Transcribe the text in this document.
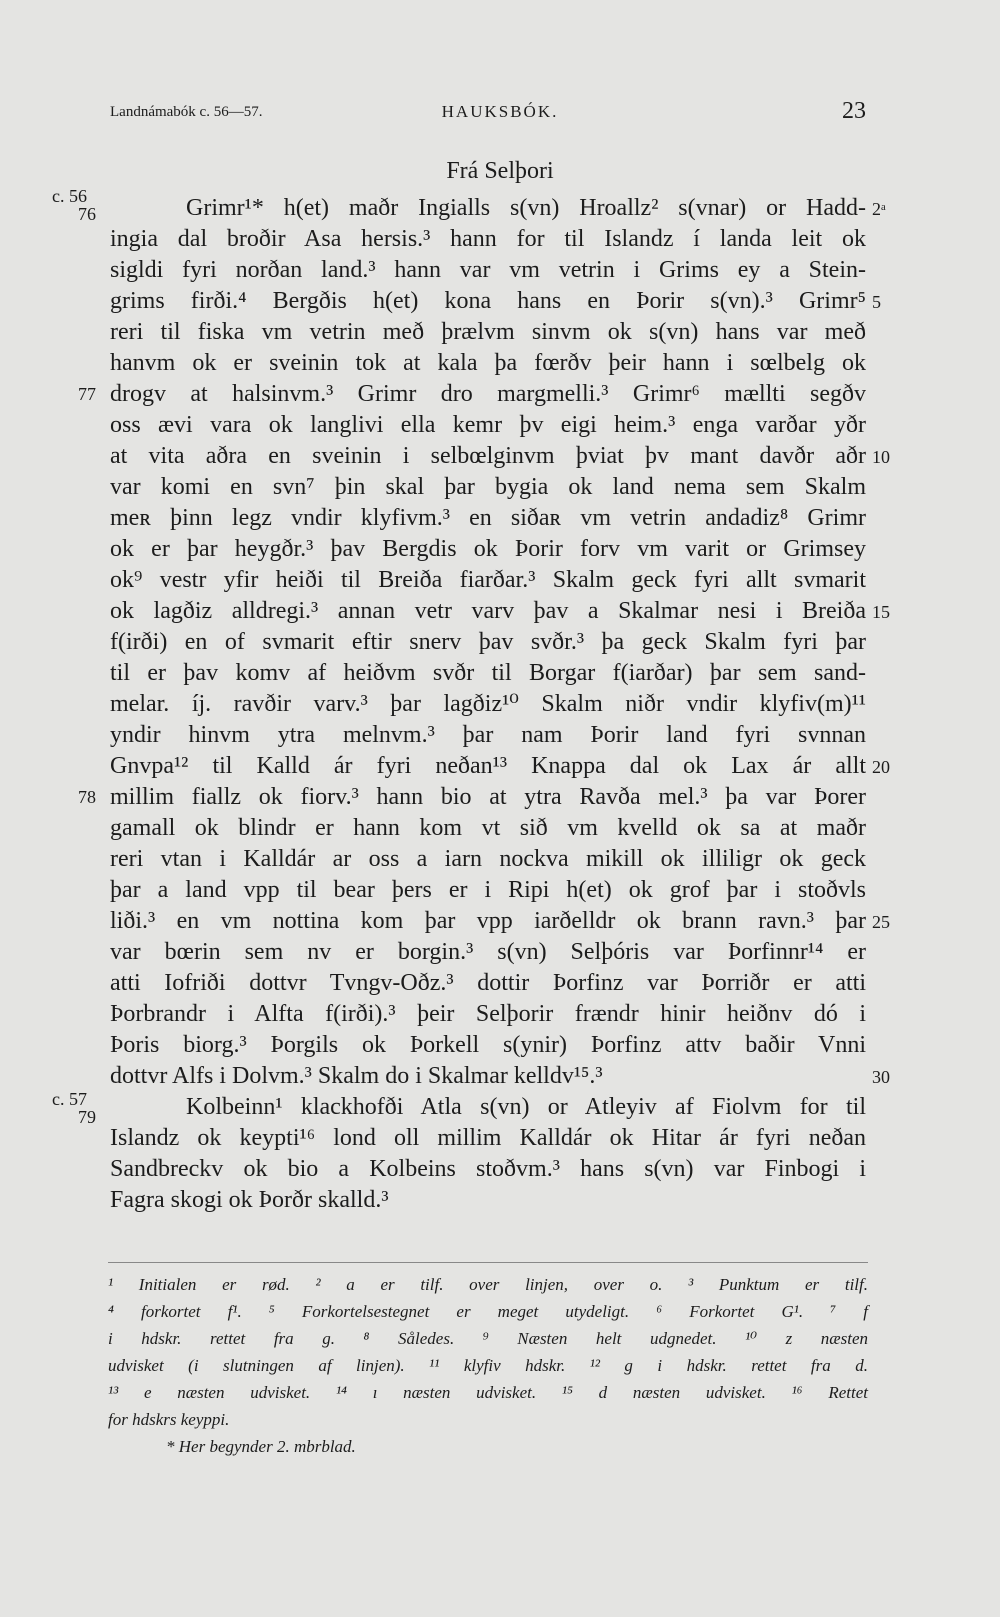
Landnámabók c. 56—57.	HAUKSBÓK.	23
Frá Selþori
Grimr¹* h(et) maðr Ingialls s(vn) Hroallz² s(vnar) or Hadd-
ingia dal broðir Asa hersis.³ hann for til Islandz í landa leit ok
sigldi fyri norðan land.³ hann var vm vetrin i Grims ey a Stein-
grims firði.⁴ Bergðis h(et) kona hans en Þorir s(vn).³ Grimr⁵
reri til fiska vm vetrin með þrælvm sinvm ok s(vn) hans var með
hanvm ok er sveinin tok at kala þa fœrðv þeir hann i sœlbelg ok
drogv at halsinvm.³ Grimr dro margmelli.³ Grimr⁶ mællti segðv
oss ævi vara ok langlivi ella kemr þv eigi heim.³ enga varðar yðr
at vita aðra en sveinin i selbœlginvm þviat þv mant davðr aðr
var komi en svn⁷ þin skal þar bygia ok land nema sem Skalm
meʀ þinn legz vndir klyfivm.³ en siðaʀ vm vetrin andadiz⁸ Grimr
ok er þar heygðr.³ þav Bergdis ok Þorir forv vm varit or Grimsey
ok⁹ vestr yfir heiði til Breiða fiarðar.³ Skalm geck fyri allt svmarit
ok lagðiz alldregi.³ annan vetr varv þav a Skalmar nesi i Breiða
f(irði) en of svmarit eftir snerv þav svðr.³ þa geck Skalm fyri þar
til er þav komv af heiðvm svðr til Borgar f(iarðar) þar sem sand-
melar. íj. ravðir varv.³ þar lagðiz¹⁰ Skalm niðr vndir klyfiv(m)¹¹
yndir hinvm ytra melnvm.³ þar nam Þorir land fyri svnnan
Gnvpa¹² til Kalld ár fyri neðan¹³ Knappa dal ok Lax ár allt
millim fiallz ok fiorv.³ hann bio at ytra Ravða mel.³ þa var Þorer
gamall ok blindr er hann kom vt sið vm kvelld ok sa at maðr
reri vtan i Kalldár ar oss a iarn nockva mikill ok illiligr ok geck
þar a land vpp til bear þers er i Ripi h(et) ok grof þar i stoðvls
liði.³ en vm nottina kom þar vpp iarðelldr ok brann ravn.³ þar
var bœrin sem nv er borgin.³ s(vn) Selþóris var Þorfinnr¹⁴ er
atti Iofriði dottvr Tvngv-Oðz.³ dottir Þorfinz var Þorriðr er atti
Þorbrandr i Alfta f(irði).³ þeir Selþorir frændr hinir heiðnv dó i
Þoris biorg.³ Þorgils ok Þorkell s(ynir) Þorfinz attv baðir Vnni
dottvr Alfs i Dolvm.³ Skalm do i Skalmar kelldv¹⁵.³
Kolbeinn¹ klackhofði Atla s(vn) or Atleyiv af Fiolvm for til
Islandz ok keypti¹⁶ lond oll millim Kalldár ok Hitar ár fyri neðan
Sandbreckv ok bio a Kolbeins stoðvm.³ hans s(vn) var Finbogi i
Fagra skogi ok Þorðr skalld.³
c. 56
76
77
78
c. 57
79
2ᵃ
5
10
15
20
25
30
¹ Initialen er rød. ² a er tilf. over linjen, over o. ³ Punktum er tilf.
⁴ forkortet f¹. ⁵ Forkortelsestegnet er meget utydeligt. ⁶ Forkortet G¹. ⁷ f
i hdskr. rettet fra g. ⁸ Således. ⁹ Næsten helt udgnedet. ¹⁰ z næsten
udvisket (i slutningen af linjen). ¹¹ klyfiv hdskr. ¹² g i hdskr. rettet fra d.
¹³ e næsten udvisket. ¹⁴ ı næsten udvisket. ¹⁵ d næsten udvisket. ¹⁶ Rettet
for hdskrs keyppi.
* Her begynder 2. mbrblad.
